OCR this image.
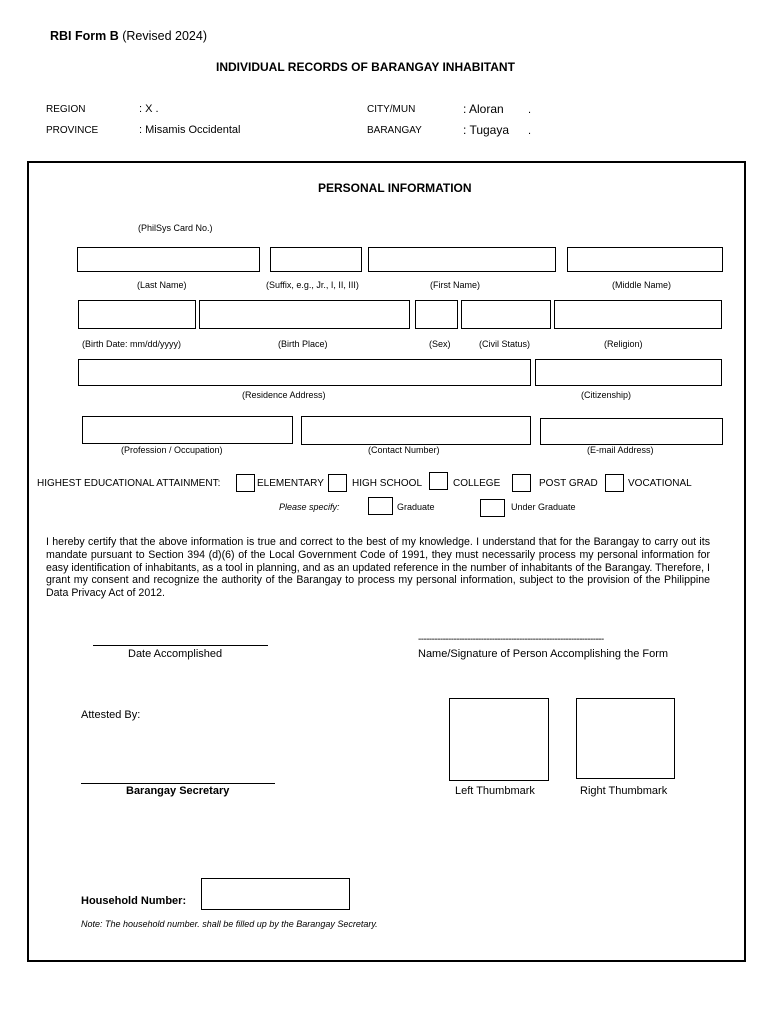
RBI Form B (Revised 2024)
INDIVIDUAL RECORDS OF BARANGAY INHABITANT
REGION	: X .
PROVINCE	: Misamis Occidental
CITY/MUN	: Aloran .
BARANGAY	: Tugaya .
PERSONAL INFORMATION
(PhilSys Card No.)
(Last Name)	(Suffix, e.g., Jr., I, II, III)	(First Name)	(Middle Name)
(Birth Date: mm/dd/yyyy)	(Birth Place)	(Sex)	(Civil Status)	(Religion)
(Residence Address)	(Citizenship)
(Profession / Occupation)	(Contact Number)	(E-mail Address)
HIGHEST EDUCATIONAL ATTAINMENT:	ELEMENTARY	HIGH SCHOOL	COLLEGE	POST GRAD	VOCATIONAL
Please specify:	Graduate	Under Graduate
I hereby certify that the above information is true and correct to the best of my knowledge. I understand that for the Barangay to carry out its mandate pursuant to Section 394 (d)(6) of the Local Government Code of 1991, they must necessarily process my personal information for easy identification of inhabitants, as a tool in planning, and as an updated reference in the number of inhabitants of the Barangay. Therefore, I grant my consent and recognize the authority of the Barangay to process my personal information, subject to the provision of the Philippine Data Privacy Act of 2012.
Date Accomplished
--------------------------------------------------------------------
Name/Signature of Person Accomplishing the Form
Attested By:
Barangay Secretary	Left Thumbmark	Right Thumbmark
Household Number:
Note: The household number. shall be filled up by the Barangay Secretary.
